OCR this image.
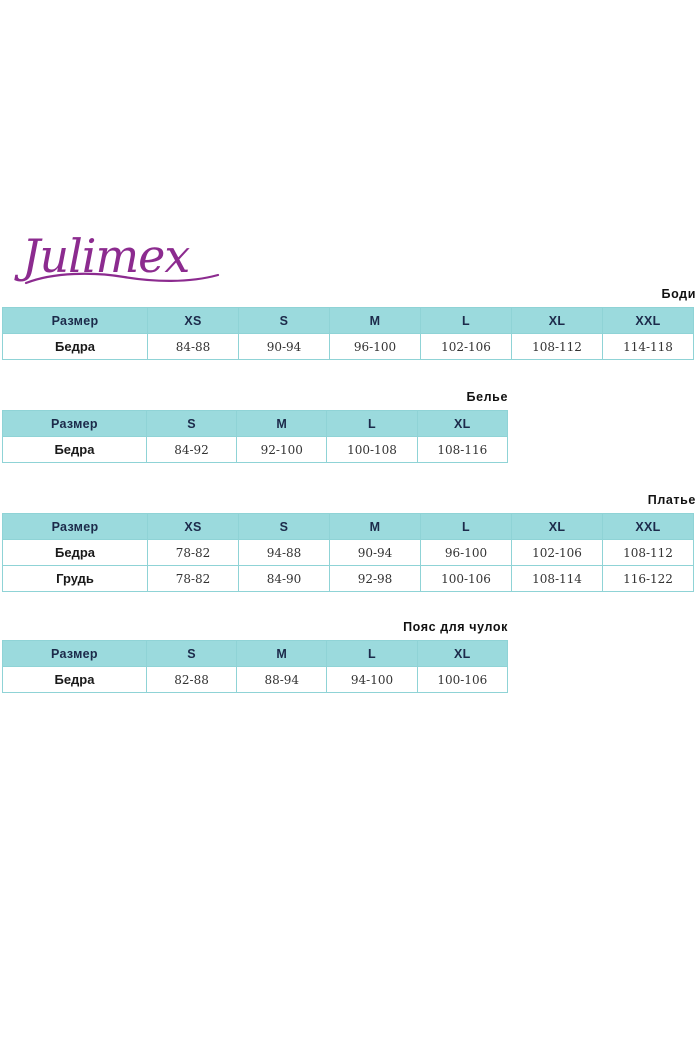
Julimex
Боди
Размер	XS	S	M	L	XL	XXL
Бедра	84-88	90-94	96-100	102-106	108-112	114-118
Белье
Размер	S	M	L	XL
Бедра	84-92	92-100	100-108	108-116
Платье
Размер	XS	S	M	L	XL	XXL
Бедра	78-82	94-88	90-94	96-100	102-106	108-112
Грудь	78-82	84-90	92-98	100-106	108-114	116-122
Пояс для чулок
Размер	S	M	L	XL
Бедра	82-88	88-94	94-100	100-106
